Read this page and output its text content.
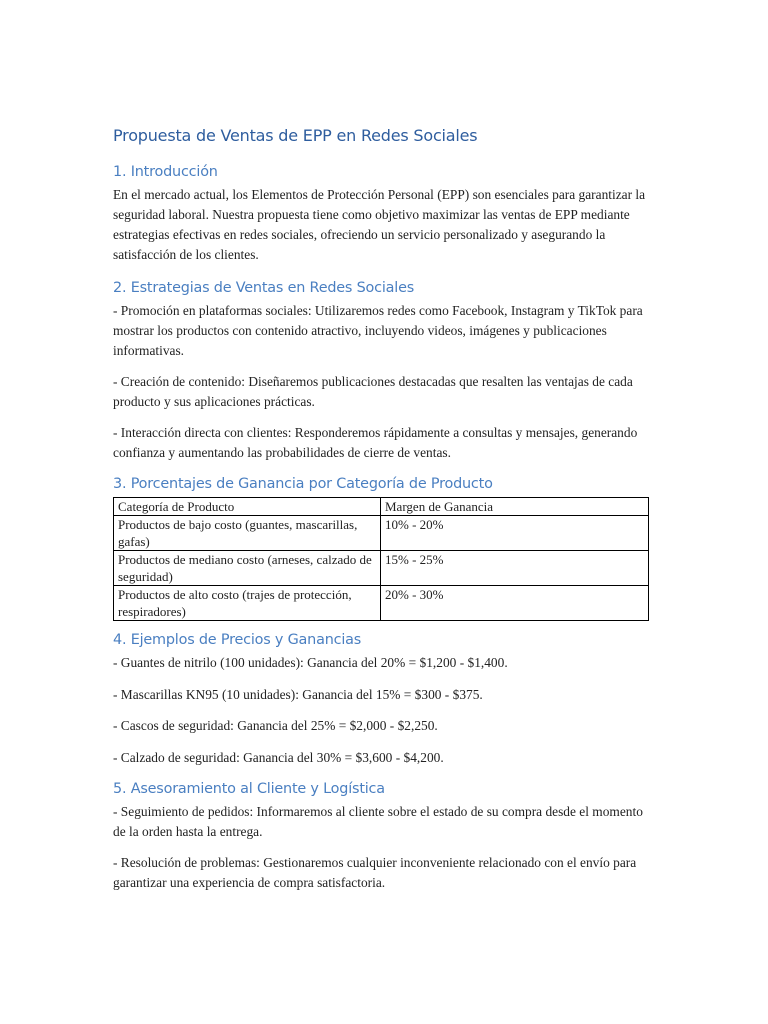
Propuesta de Ventas de EPP en Redes Sociales
1. Introducción

En el mercado actual, los Elementos de Protección Personal (EPP) son esenciales para garantizar la seguridad laboral. Nuestra propuesta tiene como objetivo maximizar las ventas de EPP mediante estrategias efectivas en redes sociales, ofreciendo un servicio personalizado y asegurando la satisfacción de los clientes.

2. Estrategias de Ventas en Redes Sociales

- Promoción en plataformas sociales: Utilizaremos redes como Facebook, Instagram y TikTok para mostrar los productos con contenido atractivo, incluyendo videos, imágenes y publicaciones informativas.

- Creación de contenido: Diseñaremos publicaciones destacadas que resalten las ventajas de cada producto y sus aplicaciones prácticas.

- Interacción directa con clientes: Responderemos rápidamente a consultas y mensajes, generando confianza y aumentando las probabilidades de cierre de ventas.

3. Porcentajes de Ganancia por Categoría de Producto
Categoría de Producto	Margen de Ganancia
Productos de bajo costo (guantes, mascarillas, gafas)	10% - 20%
Productos de mediano costo (arneses, calzado de seguridad)	15% - 25%
Productos de alto costo (trajes de protección, respiradores)	20% - 30%
4. Ejemplos de Precios y Ganancias

- Guantes de nitrilo (100 unidades): Ganancia del 20% = $1,200 - $1,400.

- Mascarillas KN95 (10 unidades): Ganancia del 15% = $300 - $375.

- Cascos de seguridad: Ganancia del 25% = $2,000 - $2,250.

- Calzado de seguridad: Ganancia del 30% = $3,600 - $4,200.

5. Asesoramiento al Cliente y Logística

- Seguimiento de pedidos: Informaremos al cliente sobre el estado de su compra desde el momento de la orden hasta la entrega.

- Resolución de problemas: Gestionaremos cualquier inconveniente relacionado con el envío para garantizar una experiencia de compra satisfactoria.
